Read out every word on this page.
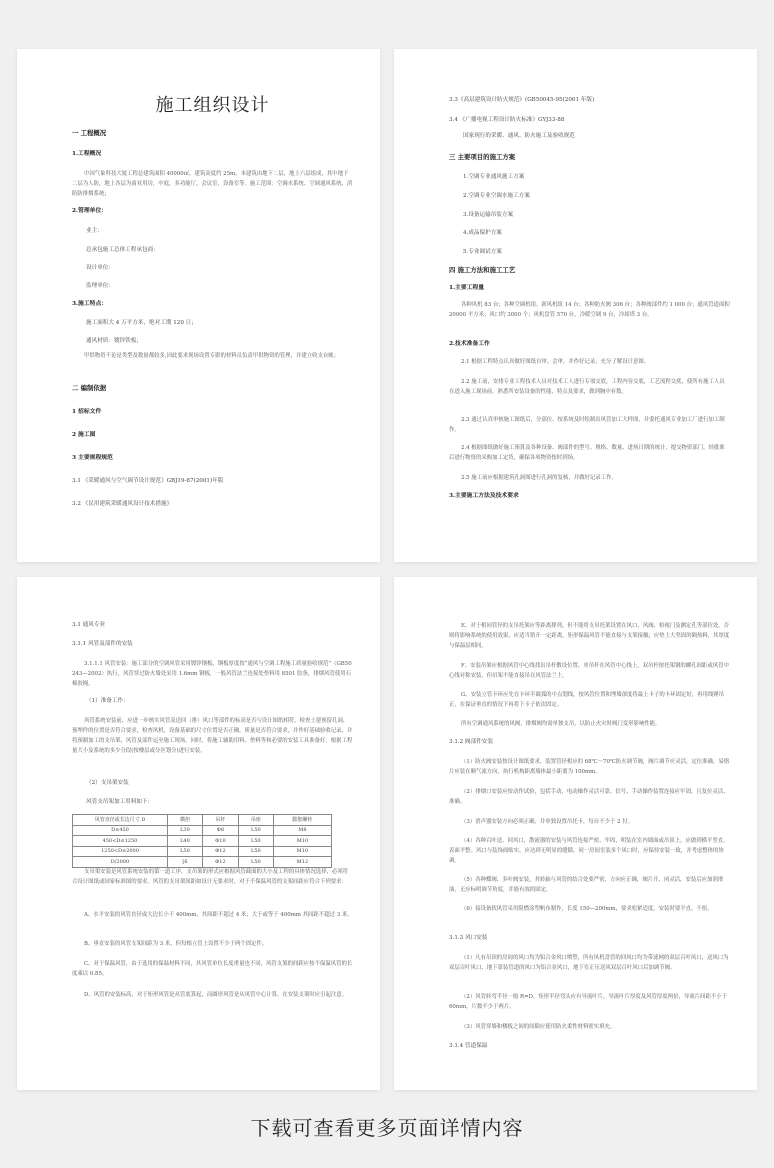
施工组织设计
一 工程概况
1.工程概况
中国气象科技大厦工程总建筑面积 40000㎡，建筑高度约 25m，本建筑由地下二层，地上六层组成，其中地下二层为人防，地上各层为商业用房，中庭，多功能厅，会议室，设备室等。施工范围：空调水系统、空调通风系统、消防防排烟系统；
2.管理单位：
业主：
总承包施工总体工程承包商：
设计单位：
监理单位：
3.施工特点：
施工面积大 4 万平方米，绝对工期 120 日；
通风材质：镀锌铁板；
甲供物资不论是类型及数量都较多,因此要求现场设置专职的材料员负责甲供物资的管理，并建立收支台帐；
二 编制依据
1 招标文件
2 施工图
3 主要规程规范
3.1 《采暖通风与空气调节设计规范》GBJ19-87(2001)年版
3.2 《民用建筑采暖通风设计技术措施》
3.3《高层建筑设计防火规范》(GB50045-95(2001 年版)
3.4 《广播电视工程设计防火标准》GYJ33-88
国家现行的采暖、通风、防火施工及验收规范
三 主要项目的施工方案
1.空调专业通风施工方案
2.空调专业空调水施工方案
3.设备运输吊装方案
4.成品保护方案
5.专业调试方案
四 施工方法和施工工艺
1.主要工程量
各种风机 83 台；各种空调机组、新风机组 14 台；各种防火阀 306 台；各种阀部件约 1 000 台；通风管道面积 20000 平方米；风口约 3000 个；风机盘管 570 台，冷暖空调 9 台，冷却塔 3 台。
2.技术准备工作
2.1 根据工程特点认真做好图纸自审、会审，并作好记录，充分了解设计意图。
2.2 施工前，安排专业工程技术人员对技术工人进行专项交底，工程内容交底，工艺流程交底，使所有施工人员在进入施工现场前，熟悉所安装设备的性能、特点及要求，做到胸中有数。
2.3 通过认真审核施工图纸后，分部位、按系统及时绘制出风管加工大样图，并委托通风专业加工厂进行加工制作。
2.4 根据图纸做好施工预算及各种设备、阀部件的型号、规格、数量、进场日期的统计，提交物资部门，经批准后进行物资的采购加工定货，确保各项物资按时到场。
2.5 施工前应根据建筑孔洞图进行孔洞的复核，并做好记录工作。
3.主要施工方法及技术要求
3.1 通风专业
3.1.1 风管及部件的安装
3.1.1.1 风管安装：施工部分的空调风管采用镀锌钢板，钢板厚度按“通风与空调工程施工质量验收规范”（GB50243—2002）执行，风管穿过防火墙处采用 1.6mm 钢板，一般风管法兰连接处垫料用 8501 胶条，排烟风管使用石棉胶绳。
（1）准备工作：
风管系统安装前，应进一步核实风管及送回（排）风口等部件的标高是否与设计图纸相符，检查土建预留孔洞、预埋件的位置是否符合要求，检查风机、设备基础的尺寸位置是否正确，质量是否符合要求，并作好基础验收记录，并将预制加工的支吊架、风管及部件运至施工现场。同时，将施工辅助用料、垫料等和必要的安装工具准备好，根据工程量大小及系统的多少分段(按楼层或分区划分)进行安装。
（2）支吊架安装
风管支吊架加工用料如下：
风管直径或长边尺寸 D	横担	吊杆	吊座	膨胀螺栓
D≤450	L30	Φ8	L50	M8
450<D≤1250	L40	Φ10	L50	M10
1250<D≤2000	L50	Φ12	L50	M10
D/2000	[6	Φ12	L50	M12
支吊架安装是风管系统安装的第一道工序，支吊架的形式应根据风管截面的大小及工程的具体情况选择，必须符合设计图纸或国家标准图的要求。风管的支吊架间距如设计无要求时，对于不保温风管的支架间距应符合下列要求：
A、水平安装的风管直径或大边长小于 400mm，其间距不超过 4 米；大于或等于 400mm 其间距不超过 3 米。
B、垂直安装的风管支架间距为 3 米，但每根立管上设置不少于两个固定件。
C、对于保温风管，由于选用的保温材料不同，其风管单位长度重量也不同，风管支架的间距应按不保温风管的长度乘以 0.85。
D、风管的安装标高，对于矩形风管是从管底算起，而圆形风管是从风管中心计算，在安装支架时应引起注意。
E、对于相同管径的支吊托架应等距离排列，但不能将支吊托架设置在风口、风阀、检视门及测定孔等部位处，否则将影响系统的使用效果，应适当错开一定距离。矩形保温风管不能直接与支架接触，应垫上大坚固的隔热料，其厚度与保温层相同。
F、安装吊架应根据风管中心线找出吊杆敷设位置，单吊杆在风管中心线上，双吊杆按托架钢的螺孔间距或风管中心线对称安装，但吊架不能直接吊在风管法兰上。
G、安装立管卡环应先在卡环半圆弧的中点划线，按风管位置和埋墙深度将最上卡子的卡环固定好，再用线锤吊正，在保证垂直的情况下再将下卡子依次固定。
所有空调通风系统的风阀，排烟阀均需单独支吊，以防止火灾时阀门变形影响性能。
3.1.2 阀部件安装
（1）防火阀安装按设计图纸要求，装置管径相应的 68℃～70℃防火调节阀，阀片调节应灵活，定位准确，易熔片应装在顺气流方向，执行机构距离墙体最小距离为 100mm。
（2）排烟口安装应按动作试验，包括手动、电动操作灵活可靠，信号、手动操作装置连接应牢固，且复位灵活、准确。
（3）消声器安装方向必须正确，并单独设置吊托卡，每台不少于 2 付。
（4）各种百叶送、回风口，散流器的安装与风管连接严密、牢固，明装在室内墙面或吊顶上，应做到横平竖直，表面平整。风口与装饰面贴实，应达到无明显的缝隙，同一房间室装多个风口时，应保持安装一致，并考虑整体的协调。
（5）各种蝶阀、多叶阀安装，其转轴与风管的结合处要严密，方向应正确，阀片开、闭灵活，安装后应加润滑油，无应标明调节角度，并能有效的固定。
（6）接设备软风管采用阻燃涂塑帆布制作，长度 150—200mm，要求松紧适度，安装时要平直，不扭。
3.1.3 风口安装
（1）凡有吊顶的房间的风口均为铝合金风口喷塑，所有风机盘管的回风口均为带滤网的双层百叶风口，送风口为双层百叶风口，地下靠装管道的风口为铝合金风口，地下室正压送风双层百叶风口后加调节阀。
（2）风管转弯半径一般 R=D，矩形半径弯头应有导流叶片，导流叶片厚度及风管厚度两倍，导流片间距不小于 60mm，片数不少于两片。
（3）风管穿墙和楼板之间的间隙应使用防火柔性材料密实填充。
3.1.4 管道保温
下载可查看更多页面详情内容
